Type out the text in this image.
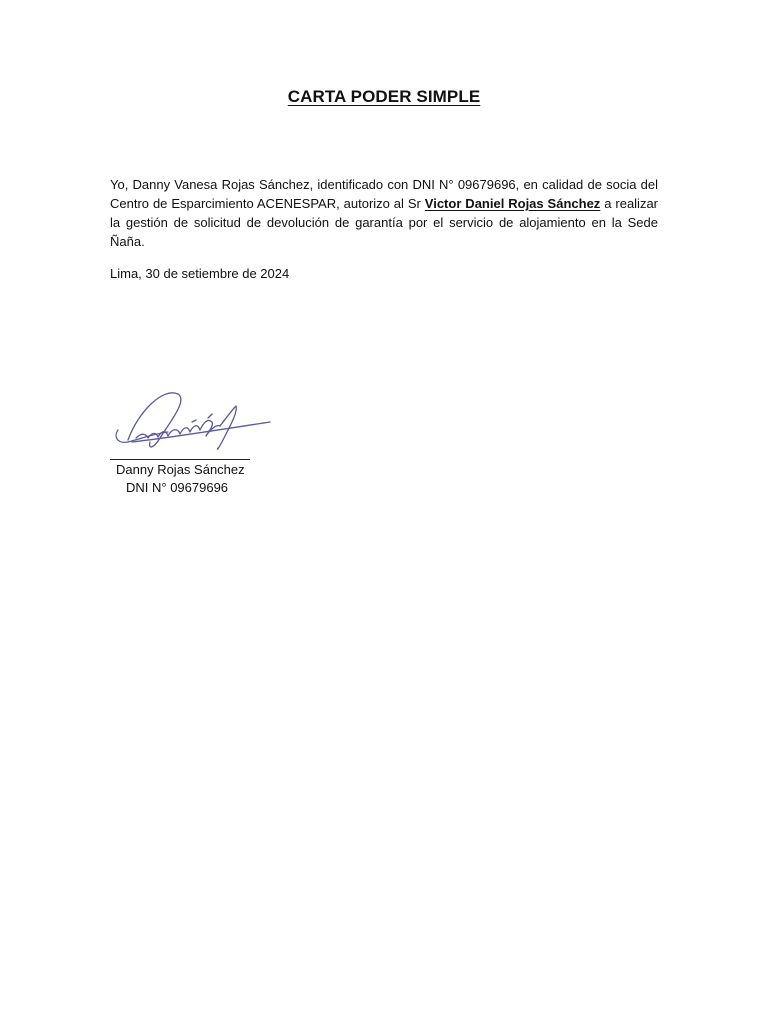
CARTA PODER SIMPLE

Yo, Danny Vanesa Rojas Sánchez, identificado con DNI N° 09679696, en calidad de socia del Centro de Esparcimiento ACENESPAR, autorizo al Sr Victor Daniel Rojas Sánchez a realizar la gestión de solicitud de devolución de garantía por el servicio de alojamiento en la Sede Ñaña.

Lima, 30 de setiembre de 2024
Danny Rojas Sánchez
DNI N° 09679696
